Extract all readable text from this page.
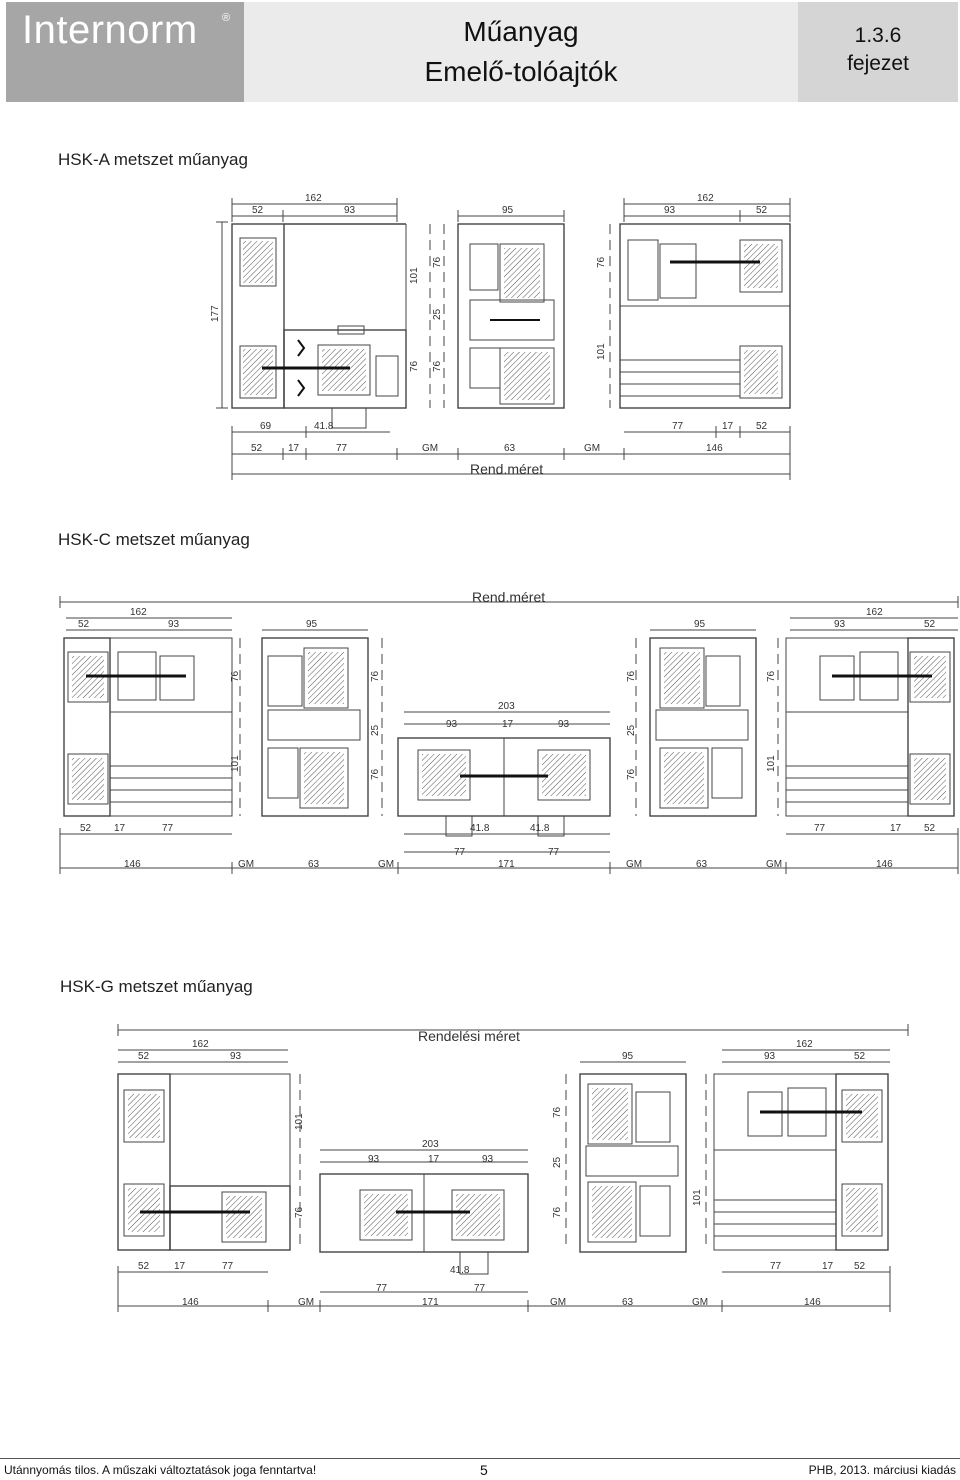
Internorm ®	Műanyag
Emelő-tolóajtók
1.3.6
fejezet
HSK-A metszet műanyag
162
52	93	95
162
93	52
177
101
76
25
76
76
76
101
69	41.8	77	17 52
52	17	77	GM	63	GM	146
Rend.méret
Rend.méret
162
52	93	95	95
162
93	52
203
93	17	93
76
101
76
25
76
76
25
76
76
101
52 17	77	41.8	41.8	77	17 52
77	77
146	GM	63	GM	171	GM	63	GM	146
Rendelési méret
162
52	93	95
162
93	52
203
93	17	93
101
76
25
76
76
101
52 17	77	41.8	77	17 52
77	77
146	GM	171	GM	63	GM	146
HSK-C metszet műanyag
HSK-G metszet műanyag
Utánnyomás tilos. A műszaki változtatások joga fenntartva!	5	PHB, 2013. márciusi kiadás
